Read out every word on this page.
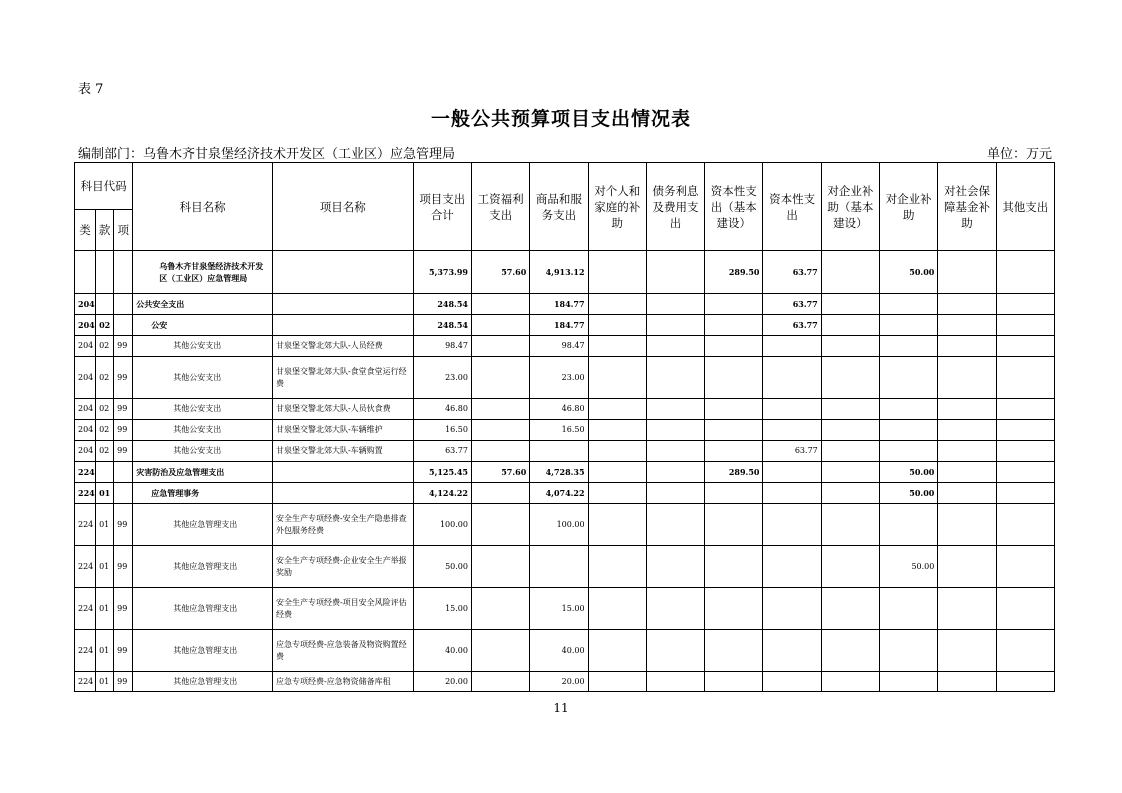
表 7
一般公共预算项目支出情况表
编制部门：乌鲁木齐甘泉堡经济技术开发区（工业区）应急管理局	单位：万元
科目代码			科目名称	项目名称	项目支出合计	工资福利支出	商品和服务支出	对个人和家庭的补助	债务利息及费用支出	资本性支出（基本建设）	资本性支出	对企业补助（基本建设）	对企业补助	对社会保障基金补助	其他支出
类	款	项													
			乌鲁木齐甘泉堡经济技术开发区（工业区）应急管理局		5,373.99	57.60	4,913.12			289.50	63.77		50.00		
204			公共安全支出		248.54		184.77				63.77				
204	02		公安		248.54		184.77				63.77				
204	02	99	其他公安支出	甘泉堡交警北郊大队-人员经费	98.47		98.47								
204	02	99	其他公安支出	甘泉堡交警北郊大队-食堂食堂运行经费	23.00		23.00								
204	02	99	其他公安支出	甘泉堡交警北郊大队-人员伙食费	46.80		46.80								
204	02	99	其他公安支出	甘泉堡交警北郊大队-车辆维护	16.50		16.50								
204	02	99	其他公安支出	甘泉堡交警北郊大队-车辆购置	63.77						63.77				
224			灾害防治及应急管理支出		5,125.45	57.60	4,728.35			289.50			50.00		
224	01		应急管理事务		4,124.22		4,074.22						50.00		
224	01	99	其他应急管理支出	安全生产专项经费-安全生产隐患排查外包服务经费	100.00		100.00								
224	01	99	其他应急管理支出	安全生产专项经费-企业安全生产举报奖励	50.00								50.00		
224	01	99	其他应急管理支出	安全生产专项经费-项目安全风险评估经费	15.00		15.00								
224	01	99	其他应急管理支出	应急专项经费-应急装备及物资购置经费	40.00		40.00								
224	01	99	其他应急管理支出	应急专项经费-应急物资储备库租	20.00		20.00								
11
